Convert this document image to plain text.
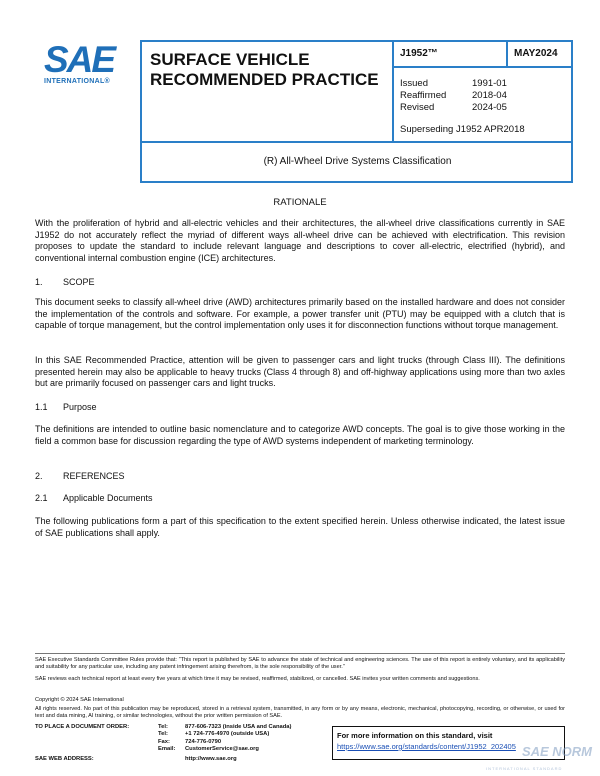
SAE
INTERNATIONAL®
SURFACE VEHICLE
RECOMMENDED PRACTICE
J1952™	MAY2024
Issued	1991-01
Reaffirmed	2018-04
Revised	2024-05
Superseding J1952 APR2018
(R) All-Wheel Drive Systems Classification
RATIONALE
With the proliferation of hybrid and all-electric vehicles and their architectures, the all-wheel drive classifications currently in SAE J1952 do not accurately reflect the myriad of different ways all-wheel drive can be achieved with electrification. This revision proposes to update the standard to include relevant language and descriptions to cover all-electric, electrified (hybrid), and conventional internal combustion engine (ICE) architectures.
1. SCOPE
This document seeks to classify all-wheel drive (AWD) architectures primarily based on the installed hardware and does not consider the implementation of the controls and software. For example, a power transfer unit (PTU) may be equipped with a clutch that is capable of torque management, but the control implementation only uses it for disconnection functions without torque management.
In this SAE Recommended Practice, attention will be given to passenger cars and light trucks (through Class III). The definitions presented herein may also be applicable to heavy trucks (Class 4 through 8) and off-highway applications using more than two axles but are primarily focused on passenger cars and light trucks.
1.1 Purpose
The definitions are intended to outline basic nomenclature and to categorize AWD concepts. The goal is to give those working in the field a common base for discussion regarding the type of AWD systems independent of marketing terminology.
2. REFERENCES
2.1 Applicable Documents
The following publications form a part of this specification to the extent specified herein. Unless otherwise indicated, the latest issue of SAE publications shall apply.
SAE Executive Standards Committee Rules provide that: “This report is published by SAE to advance the state of technical and engineering sciences. The use of this report is entirely voluntary, and its applicability and suitability for any particular use, including any patent infringement arising therefrom, is the sole responsibility of the user.”
SAE reviews each technical report at least every five years at which time it may be revised, reaffirmed, stabilized, or cancelled. SAE invites your written comments and suggestions.
Copyright © 2024 SAE International
All rights reserved. No part of this publication may be reproduced, stored in a retrieval system, transmitted, in any form or by any means, electronic, mechanical, photocopying, recording, or otherwise, or used for text and data mining, AI training, or similar technologies, without the prior written permission of SAE.
TO PLACE A DOCUMENT ORDER:	Tel:	877-606-7323 (inside USA and Canada)
Tel:	+1 724-776-4970 (outside USA)
Fax:	724-776-0790
Email:	CustomerService@sae.org
SAE WEB ADDRESS:	http://www.sae.org
For more information on this standard, visit
https://www.sae.org/standards/content/J1952_202405 SAE NORM
INTERNATIONAL STANDARD
